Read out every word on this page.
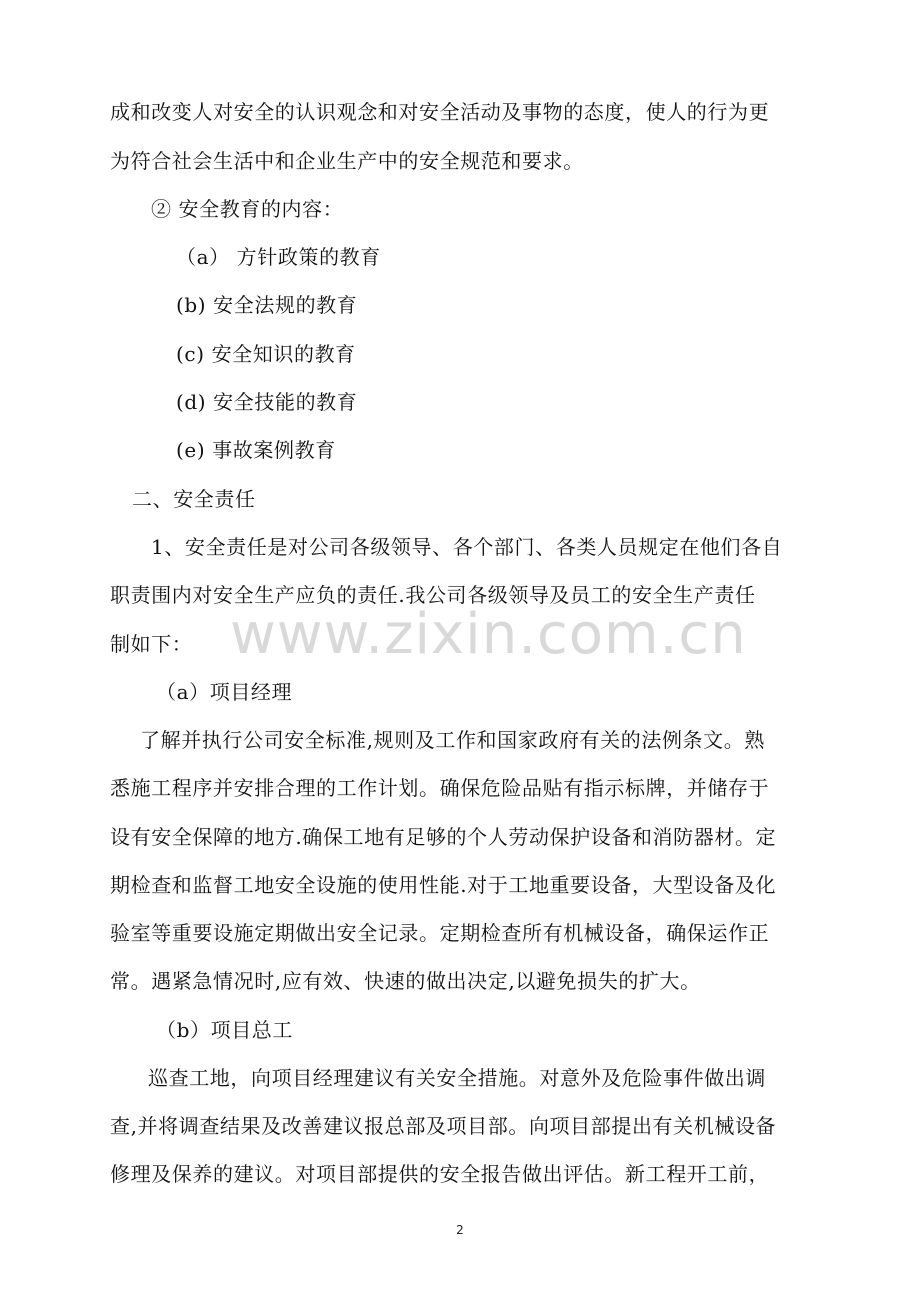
成和改变人对安全的认识观念和对安全活动及事物的态度，使人的行为更
为符合社会生活中和企业生产中的安全规范和要求。
② 安全教育的内容：
（a） 方针政策的教育
(b) 安全法规的教育
(c) 安全知识的教育
(d) 安全技能的教育
(e) 事故案例教育
二、安全责任
1、安全责任是对公司各级领导、各个部门、各类人员规定在他们各自
职责围内对安全生产应负的责任.我公司各级领导及员工的安全生产责任
制如下：
（a）项目经理
了解并执行公司安全标准,规则及工作和国家政府有关的法例条文。熟
悉施工程序并安排合理的工作计划。确保危险品贴有指示标牌，并储存于
设有安全保障的地方.确保工地有足够的个人劳动保护设备和消防器材。定
期检查和监督工地安全设施的使用性能.对于工地重要设备，大型设备及化
验室等重要设施定期做出安全记录。定期检查所有机械设备，确保运作正
常。遇紧急情况时,应有效、快速的做出决定,以避免损失的扩大。
（b）项目总工
巡查工地，向项目经理建议有关安全措施。对意外及危险事件做出调
查,并将调查结果及改善建议报总部及项目部。向项目部提出有关机械设备
修理及保养的建议。对项目部提供的安全报告做出评估。新工程开工前，
www.zixin.com.cn
2
